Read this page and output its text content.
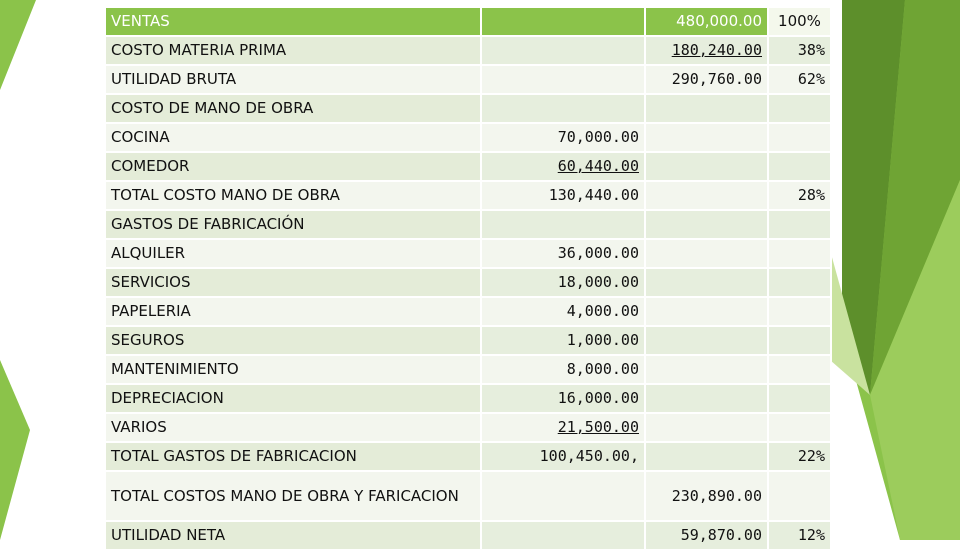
VENTAS		480,000.00	100%
COSTO MATERIA PRIMA		180,240.00	38%
UTILIDAD BRUTA		290,760.00	62%
COSTO DE MANO DE OBRA			
COCINA	70,000.00		
COMEDOR	60,440.00		
TOTAL COSTO MANO DE OBRA	130,440.00		28%
GASTOS DE FABRICACIÓN			
ALQUILER	36,000.00		
SERVICIOS	18,000.00		
PAPELERIA	4,000.00		
SEGUROS	1,000.00		
MANTENIMIENTO	8,000.00		
DEPRECIACION	16,000.00		
VARIOS	21,500.00		
TOTAL GASTOS DE FABRICACION	100,450.00,		22%
TOTAL COSTOS MANO DE OBRA Y FARICACION		230,890.00	
UTILIDAD NETA		59,870.00	12%
